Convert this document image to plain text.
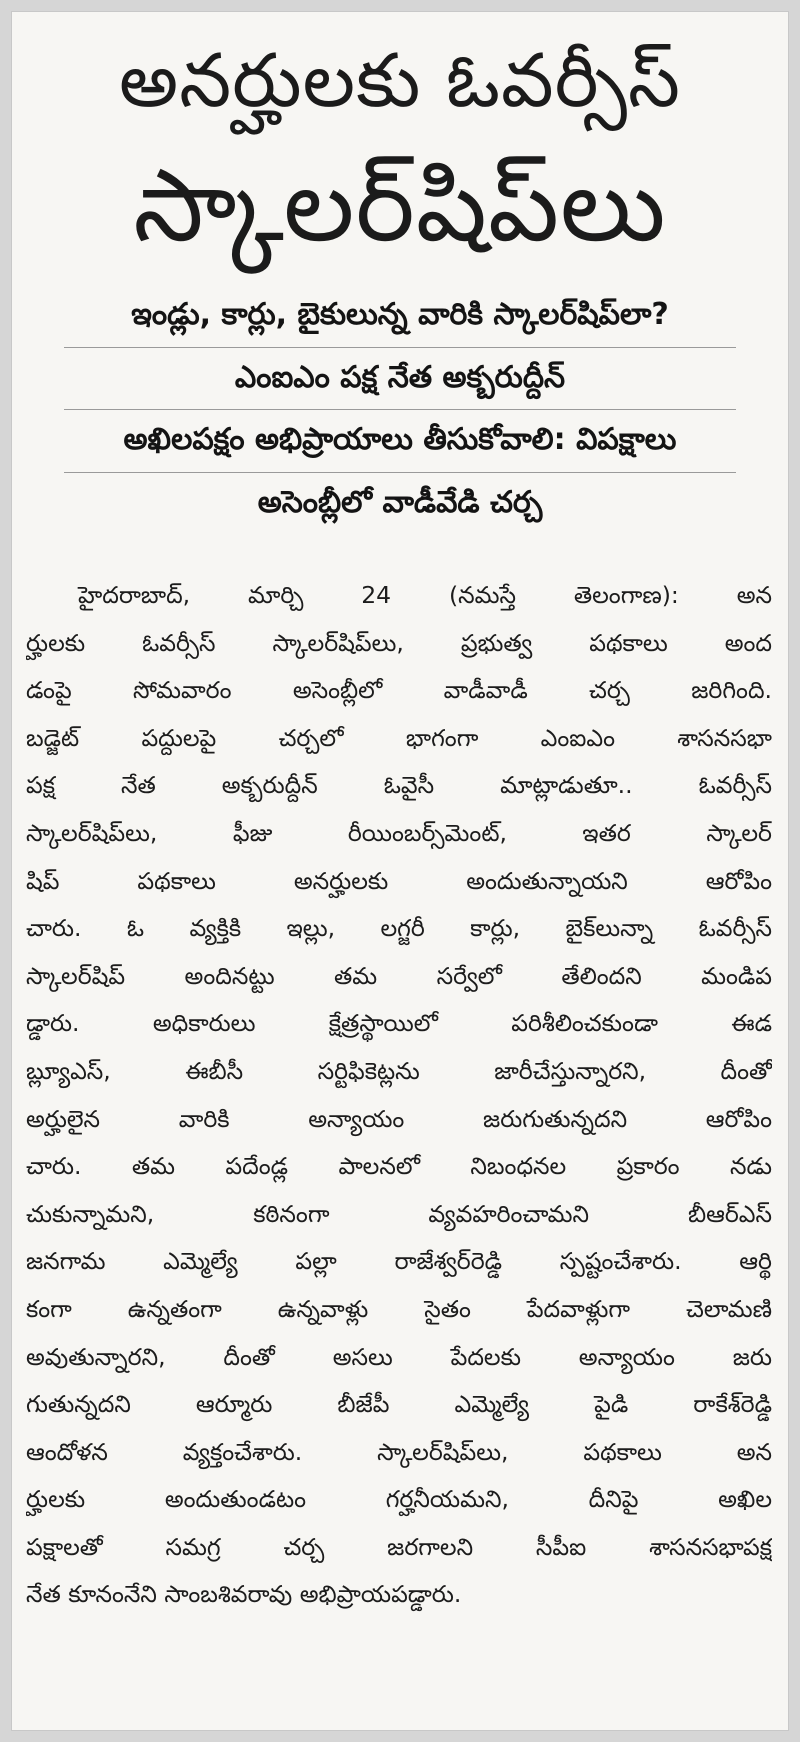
అనర్హులకు ఓవర్సీస్
స్కాలర్‌షిప్‌లు
ఇండ్లు, కార్లు, బైకులున్న వారికి స్కాలర్‌షిప్‌లా?
ఎంఐఎం పక్ష నేత అక్బరుద్దీన్
అఖిలపక్షం అభిప్రాయాలు తీసుకోవాలి: విపక్షాలు
అసెంబ్లీలో వాడీవేడి చర్చ
హైదరాబాద్, మార్చి 24 (నమస్తే తెలంగాణ): అన
ర్హులకు ఓవర్సీస్ స్కాలర్‌షిప్‌లు, ప్రభుత్వ పథకాలు అంద
డంపై సోమవారం అసెంబ్లీలో వాడీవాడీ చర్చ జరిగింది.
బడ్జెట్ పద్దులపై చర్చలో భాగంగా ఎంఐఎం శాసనసభా
పక్ష నేత అక్బరుద్దీన్ ఓవైసీ మాట్లాడుతూ.. ఓవర్సీస్
స్కాలర్‌షిప్‌లు, ఫీజు రీయింబర్స్‌మెంట్, ఇతర స్కాలర్
షిప్ పథకాలు అనర్హులకు అందుతున్నాయని ఆరోపిం
చారు. ఓ వ్యక్తికి ఇల్లు, లగ్జరీ కార్లు, బైక్‌లున్నా ఓవర్సీస్
స్కాలర్‌షిప్ అందినట్టు తమ సర్వేలో తేలిందని మండిప
డ్డారు. అధికారులు క్షేత్రస్థాయిలో పరిశీలించకుండా ఈడ
బ్ల్యూఎస్, ఈబీసీ సర్టిఫికెట్లను జారీచేస్తున్నారని, దీంతో
అర్హులైన వారికి అన్యాయం జరుగుతున్నదని ఆరోపిం
చారు. తమ పదేండ్ల పాలనలో నిబంధనల ప్రకారం నడు
చుకున్నామని, కఠినంగా వ్యవహరించామని బీఆర్‌ఎస్
జనగామ ఎమ్మెల్యే పల్లా రాజేశ్వర్‌రెడ్డి స్పష్టంచేశారు. ఆర్థి
కంగా ఉన్నతంగా ఉన్నవాళ్లు సైతం పేదవాళ్లుగా చెలామణి
అవుతున్నారని, దీంతో అసలు పేదలకు అన్యాయం జరు
గుతున్నదని ఆర్మూరు బీజేపీ ఎమ్మెల్యే పైడి రాకేశ్‌రెడ్డి
ఆందోళన వ్యక్తంచేశారు. స్కాలర్‌షిప్‌లు, పథకాలు అన
ర్హులకు అందుతుండటం గర్హనీయమని, దీనిపై అఖిల
పక్షాలతో సమగ్ర చర్చ జరగాలని సీపీఐ శాసనసభాపక్ష
నేత కూనంనేని సాంబశివరావు అభిప్రాయపడ్డారు.
